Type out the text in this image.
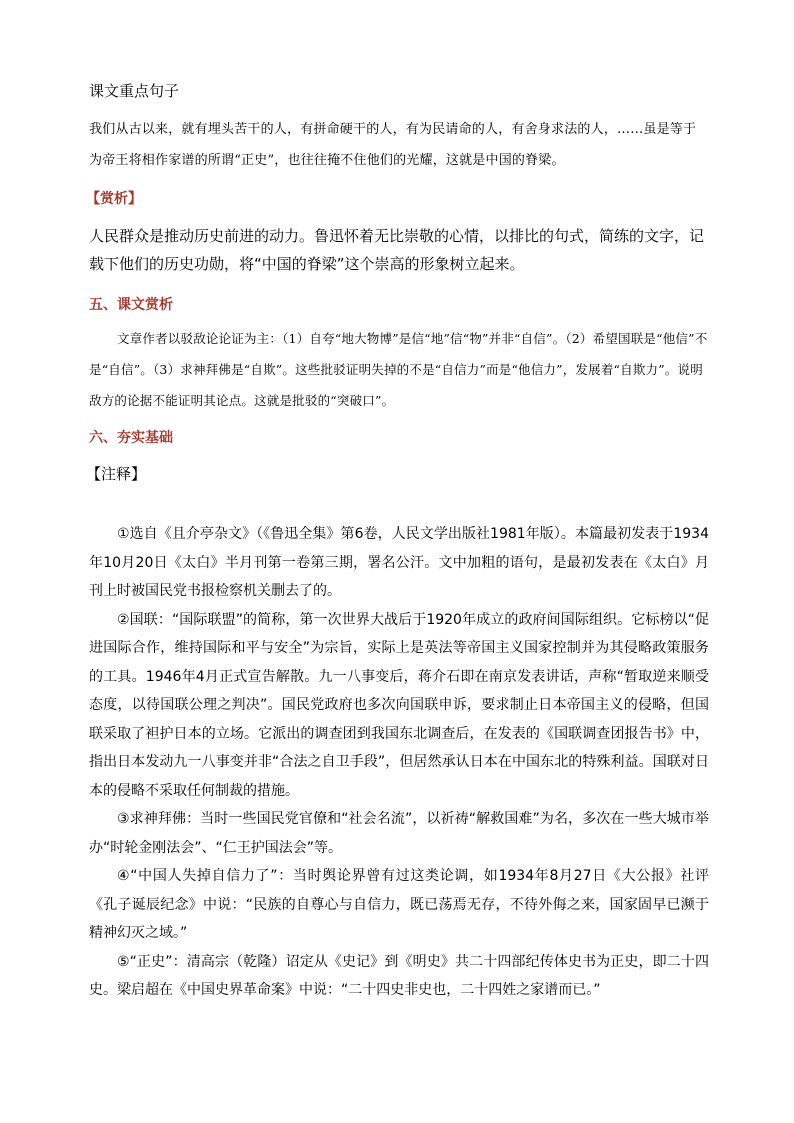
课文重点句子
我们从古以来，就有埋头苦干的人，有拼命硬干的人，有为民请命的人，有舍身求法的人，……虽是等于为帝王将相作家谱的所谓“正史”，也往往掩不住他们的光耀，这就是中国的脊梁。
【赏析】
人民群众是推动历史前进的动力。鲁迅怀着无比崇敬的心情，以排比的句式，简练的文字，记载下他们的历史功勋，将“中国的脊梁”这个崇高的形象树立起来。
五、课文赏析
文章作者以驳敌论论证为主：（1）自夸“地大物博”是信“地”信“物”并非“自信”。（2）希望国联是“他信”不是“自信”。（3）求神拜佛是“自欺”。这些批驳证明失掉的不是“自信力”而是“他信力”，发展着“自欺力”。说明敌方的论据不能证明其论点。这就是批驳的“突破口”。
六、夯实基础
【注释】

①选自《且介亭杂文》（《鲁迅全集》第6卷，人民文学出版社1981年版）。本篇最初发表于1934年10月20日《太白》半月刊第一卷第三期，署名公汗。文中加粗的语句，是最初发表在《太白》月刊上时被国民党书报检察机关删去了的。

②国联：“国际联盟”的简称，第一次世界大战后于1920年成立的政府间国际组织。它标榜以“促进国际合作，维持国际和平与安全”为宗旨，实际上是英法等帝国主义国家控制并为其侵略政策服务的工具。1946年4月正式宣告解散。九一八事变后，蒋介石即在南京发表讲话，声称“暂取逆来顺受态度，以待国联公理之判决”。国民党政府也多次向国联申诉，要求制止日本帝国主义的侵略，但国联采取了袒护日本的立场。它派出的调查团到我国东北调查后，在发表的《国联调查团报告书》中，指出日本发动九一八事变并非“合法之自卫手段”，但居然承认日本在中国东北的特殊利益。国联对日本的侵略不采取任何制裁的措施。

③求神拜佛：当时一些国民党官僚和“社会名流”，以祈祷“解救国难”为名，多次在一些大城市举办“时轮金刚法会”、“仁王护国法会”等。

④“中国人失掉自信力了”：当时舆论界曾有过这类论调，如1934年8月27日《大公报》社评《孔子诞辰纪念》中说：“民族的自尊心与自信力，既已荡焉无存，不待外侮之来，国家固早已濒于精神幻灭之域。”

⑤“正史”：清高宗（乾隆）诏定从《史记》到《明史》共二十四部纪传体史书为正史，即二十四史。梁启超在《中国史界革命案》中说：“二十四史非史也，二十四姓之家谱而已。”
